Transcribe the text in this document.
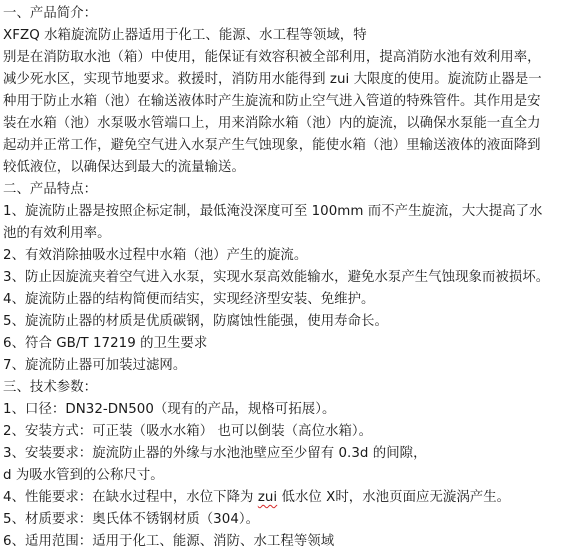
一、产品简介：
XFZQ 水箱旋流防止器适用于化工、能源、水工程等领域，特
别是在消防取水池（箱）中使用，能保证有效容积被全部利用，提高消防水池有效利用率，
减少死水区，实现节地要求。救援时，消防用水能得到 zui 大限度的使用。旋流防止器是一
种用于防止水箱（池）在输送液体时产生旋流和防止空气进入管道的特殊管件。其作用是安
装在水箱（池）水泵吸水管端口上，用来消除水箱（池）内的旋流，以确保水泵能一直全力
起动并正常工作，避免空气进入水泵产生气蚀现象，能使水箱（池）里输送液体的液面降到
较低液位，以确保达到最大的流量输送。
二、产品特点：
1、旋流防止器是按照企标定制，最低淹没深度可至 100mm 而不产生旋流，大大提高了水
池的有效利用率。
2、有效消除抽吸水过程中水箱（池）产生的旋流。
3、防止因旋流夹着空气进入水泵，实现水泵高效能输水，避免水泵产生气蚀现象而被损坏。
4、旋流防止器的结构简便而结实，实现经济型安装、免维护。
5、旋流防止器的材质是优质碳钢，防腐蚀性能强，使用寿命长。
6、符合 GB/T 17219 的卫生要求
7、旋流防止器可加装过滤网。
三、技术参数：
1、口径：DN32-DN500（现有的产品，规格可拓展）。
2、安装方式：可正装（吸水水箱） 也可以倒装（高位水箱）。
3、安装要求：旋流防止器的外缘与水池池壁应至少留有 0.3d 的间隙，
d 为吸水管到的公称尺寸。
4、性能要求：在缺水过程中，水位下降为 zui 低水位 X时，水池页面应无漩涡产生。
5、材质要求：奥氏体不锈钢材质（304）。
6、适用范围：适用于化工、能源、消防、水工程等领域
